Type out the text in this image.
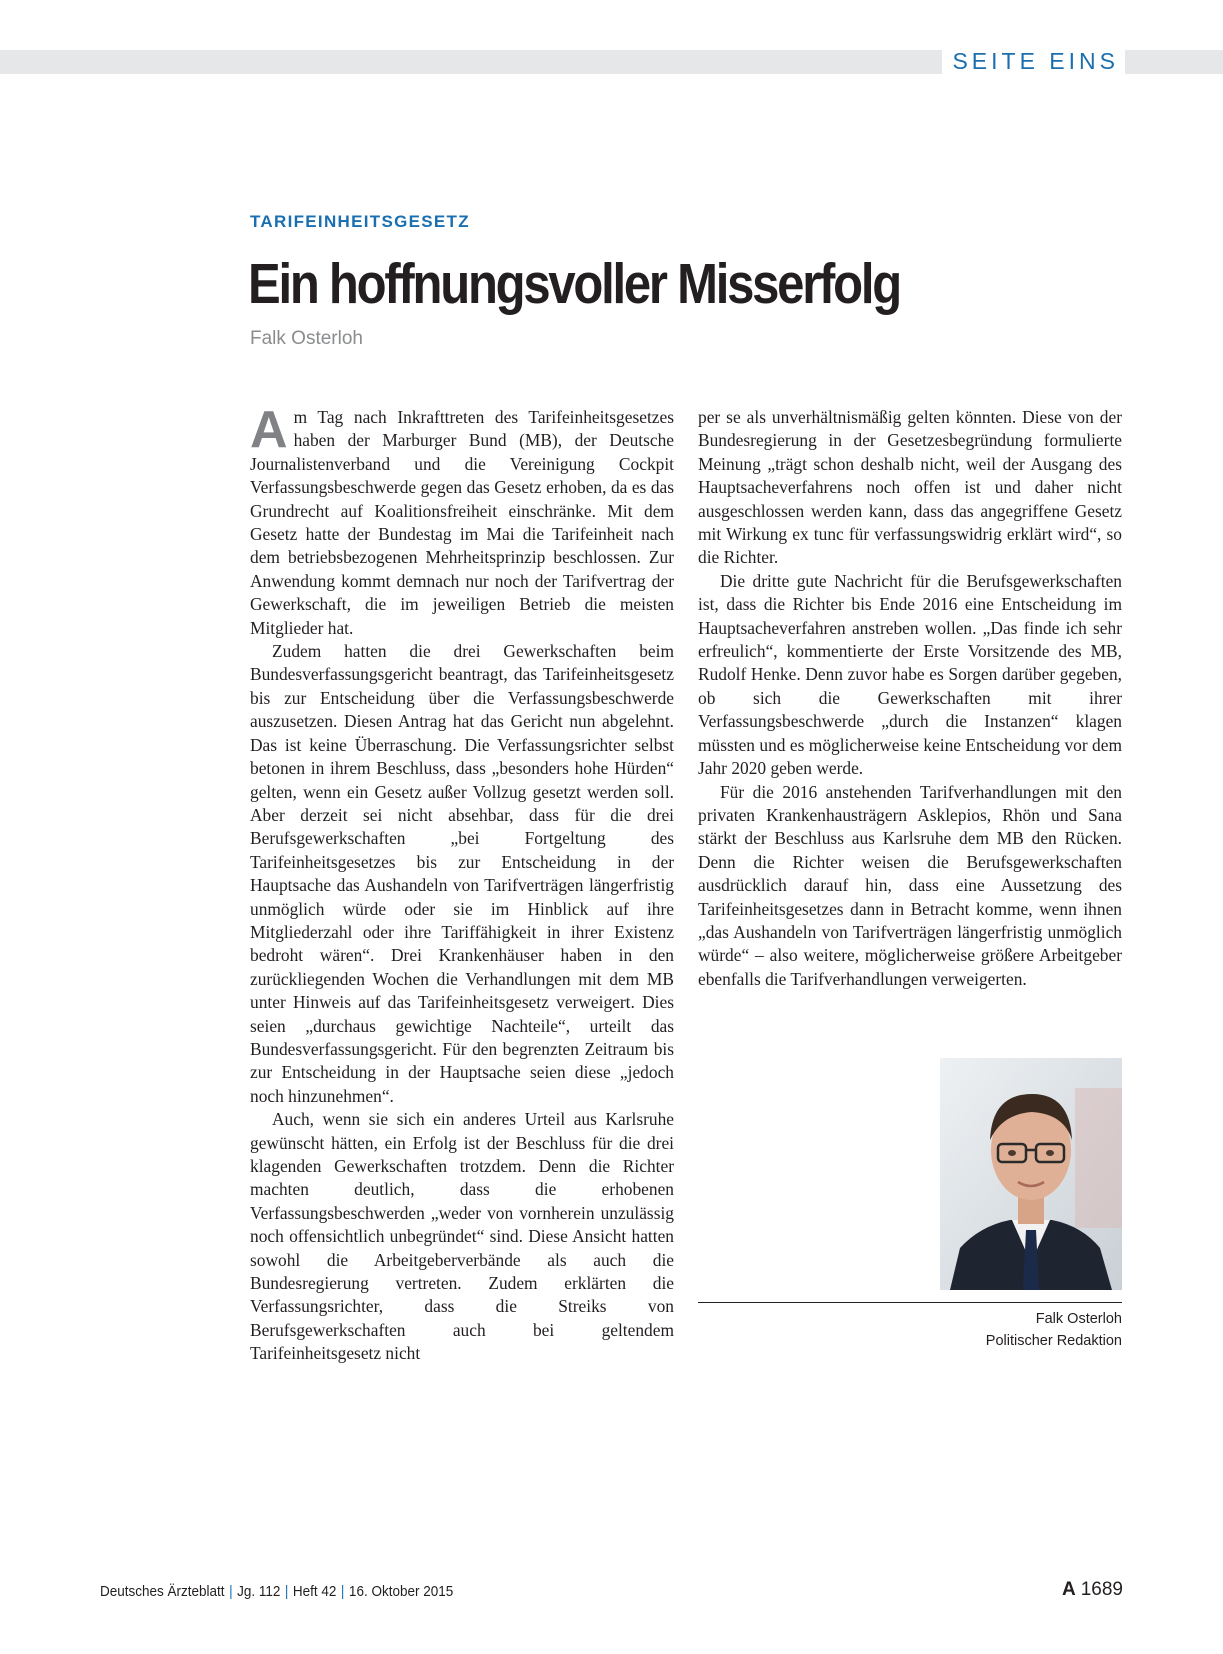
SEITE EINS
TARIFEINHEITSGESETZ
Ein hoffnungsvoller Misserfolg
Falk Osterloh

Am Tag nach Inkrafttreten des Tarifeinheitsgesetzes haben der Marburger Bund (MB), der Deutsche Journalistenverband und die Vereinigung Cockpit Verfassungsbeschwerde gegen das Gesetz erhoben, da es das Grundrecht auf Koalitionsfreiheit einschränke. Mit dem Gesetz hatte der Bundestag im Mai die Tarifeinheit nach dem betriebsbezogenen Mehrheitsprinzip beschlossen. Zur Anwendung kommt demnach nur noch der Tarifvertrag der Gewerkschaft, die im jeweiligen Betrieb die meisten Mitglieder hat.

Zudem hatten die drei Gewerkschaften beim Bundesverfassungsgericht beantragt, das Tarifeinheitsgesetz bis zur Entscheidung über die Verfassungsbeschwerde auszusetzen. Diesen Antrag hat das Gericht nun abgelehnt. Das ist keine Überraschung. Die Verfassungsrichter selbst betonen in ihrem Beschluss, dass „besonders hohe Hürden“ gelten, wenn ein Gesetz außer Vollzug gesetzt werden soll. Aber derzeit sei nicht absehbar, dass für die drei Berufsgewerkschaften „bei Fortgeltung des Tarifeinheitsgesetzes bis zur Entscheidung in der Hauptsache das Aushandeln von Tarifverträgen längerfristig unmöglich würde oder sie im Hinblick auf ihre Mitgliederzahl oder ihre Tariffähigkeit in ihrer Existenz bedroht wären“. Drei Krankenhäuser haben in den zurückliegenden Wochen die Verhandlungen mit dem MB unter Hinweis auf das Tarifeinheitsgesetz verweigert. Dies seien „durchaus gewichtige Nachteile“, urteilt das Bundesverfassungsgericht. Für den begrenzten Zeitraum bis zur Entscheidung in der Hauptsache seien diese „jedoch noch hinzunehmen“.

Auch, wenn sie sich ein anderes Urteil aus Karlsruhe gewünscht hätten, ein Erfolg ist der Beschluss für die drei klagenden Gewerkschaften trotzdem. Denn die Richter machten deutlich, dass die erhobenen Verfassungsbeschwerden „weder von vornherein unzulässig noch offensichtlich unbegründet“ sind. Diese Ansicht hatten sowohl die Arbeitgeberverbände als auch die Bundesregierung vertreten. Zudem erklärten die Verfassungsrichter, dass die Streiks von Berufsgewerkschaften auch bei geltendem Tarifeinheitsgesetz nicht

per se als unverhältnismäßig gelten könnten. Diese von der Bundesregierung in der Gesetzesbegründung formulierte Meinung „trägt schon deshalb nicht, weil der Ausgang des Hauptsacheverfahrens noch offen ist und daher nicht ausgeschlossen werden kann, dass das angegriffene Gesetz mit Wirkung ex tunc für verfassungswidrig erklärt wird“, so die Richter.

Die dritte gute Nachricht für die Berufsgewerkschaften ist, dass die Richter bis Ende 2016 eine Entscheidung im Hauptsacheverfahren anstreben wollen. „Das finde ich sehr erfreulich“, kommentierte der Erste Vorsitzende des MB, Rudolf Henke. Denn zuvor habe es Sorgen darüber gegeben, ob sich die Gewerkschaften mit ihrer Verfassungsbeschwerde „durch die Instanzen“ klagen müssten und es möglicherweise keine Entscheidung vor dem Jahr 2020 geben werde.

Für die 2016 anstehenden Tarifverhandlungen mit den privaten Krankenhausträgern Asklepios, Rhön und Sana stärkt der Beschluss aus Karlsruhe dem MB den Rücken. Denn die Richter weisen die Berufsgewerkschaften ausdrücklich darauf hin, dass eine Aussetzung des Tarifeinheitsgesetzes dann in Betracht komme, wenn ihnen „das Aushandeln von Tarifverträgen längerfristig unmöglich würde“ – also weitere, möglicherweise größere Arbeitgeber ebenfalls die Tarifverhandlungen verweigerten.

Falk Osterloh
Politischer Redaktion
Deutsches Ärzteblatt | Jg. 112 | Heft 42 | 16. Oktober 2015	A 1689
